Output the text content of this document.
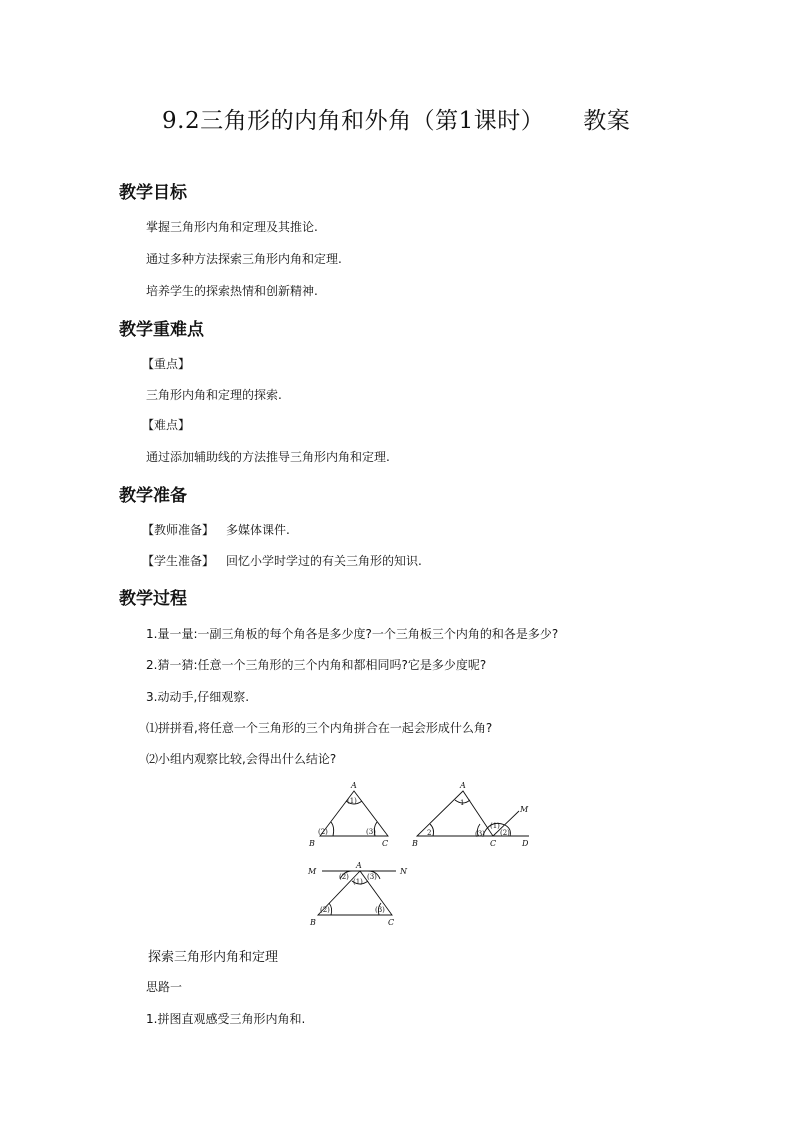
9.2三角形的内角和外角（第1课时）     教案
教学目标
掌握三角形内角和定理及其推论.
通过多种方法探索三角形内角和定理.
培养学生的探索热情和创新精神.
教学重难点
【重点】
三角形内角和定理的探索.
【难点】
通过添加辅助线的方法推导三角形内角和定理.
教学准备
【教师准备】 多媒体课件.
【学生准备】 回忆小学时学过的有关三角形的知识.
教学过程
1.量一量:一副三角板的每个角各是多少度?一个三角板三个内角的和各是多少?
2.猜一猜:任意一个三角形的三个内角和都相同吗?它是多少度呢?
3.动动手,仔细观察.
⑴拼拼看,将任意一个三角形的三个内角拼合在一起会形成什么角?
⑵小组内观察比较,会得出什么结论?
A
(1)
(2)	(3)
B	C
A
1
2	(3)
(1)
(2)
M
B	C	D
M	N
A
(2)
(1)
(3)
(2)	(3)
B	C
探索三角形内角和定理
思路一
1.拼图直观感受三角形内角和.
